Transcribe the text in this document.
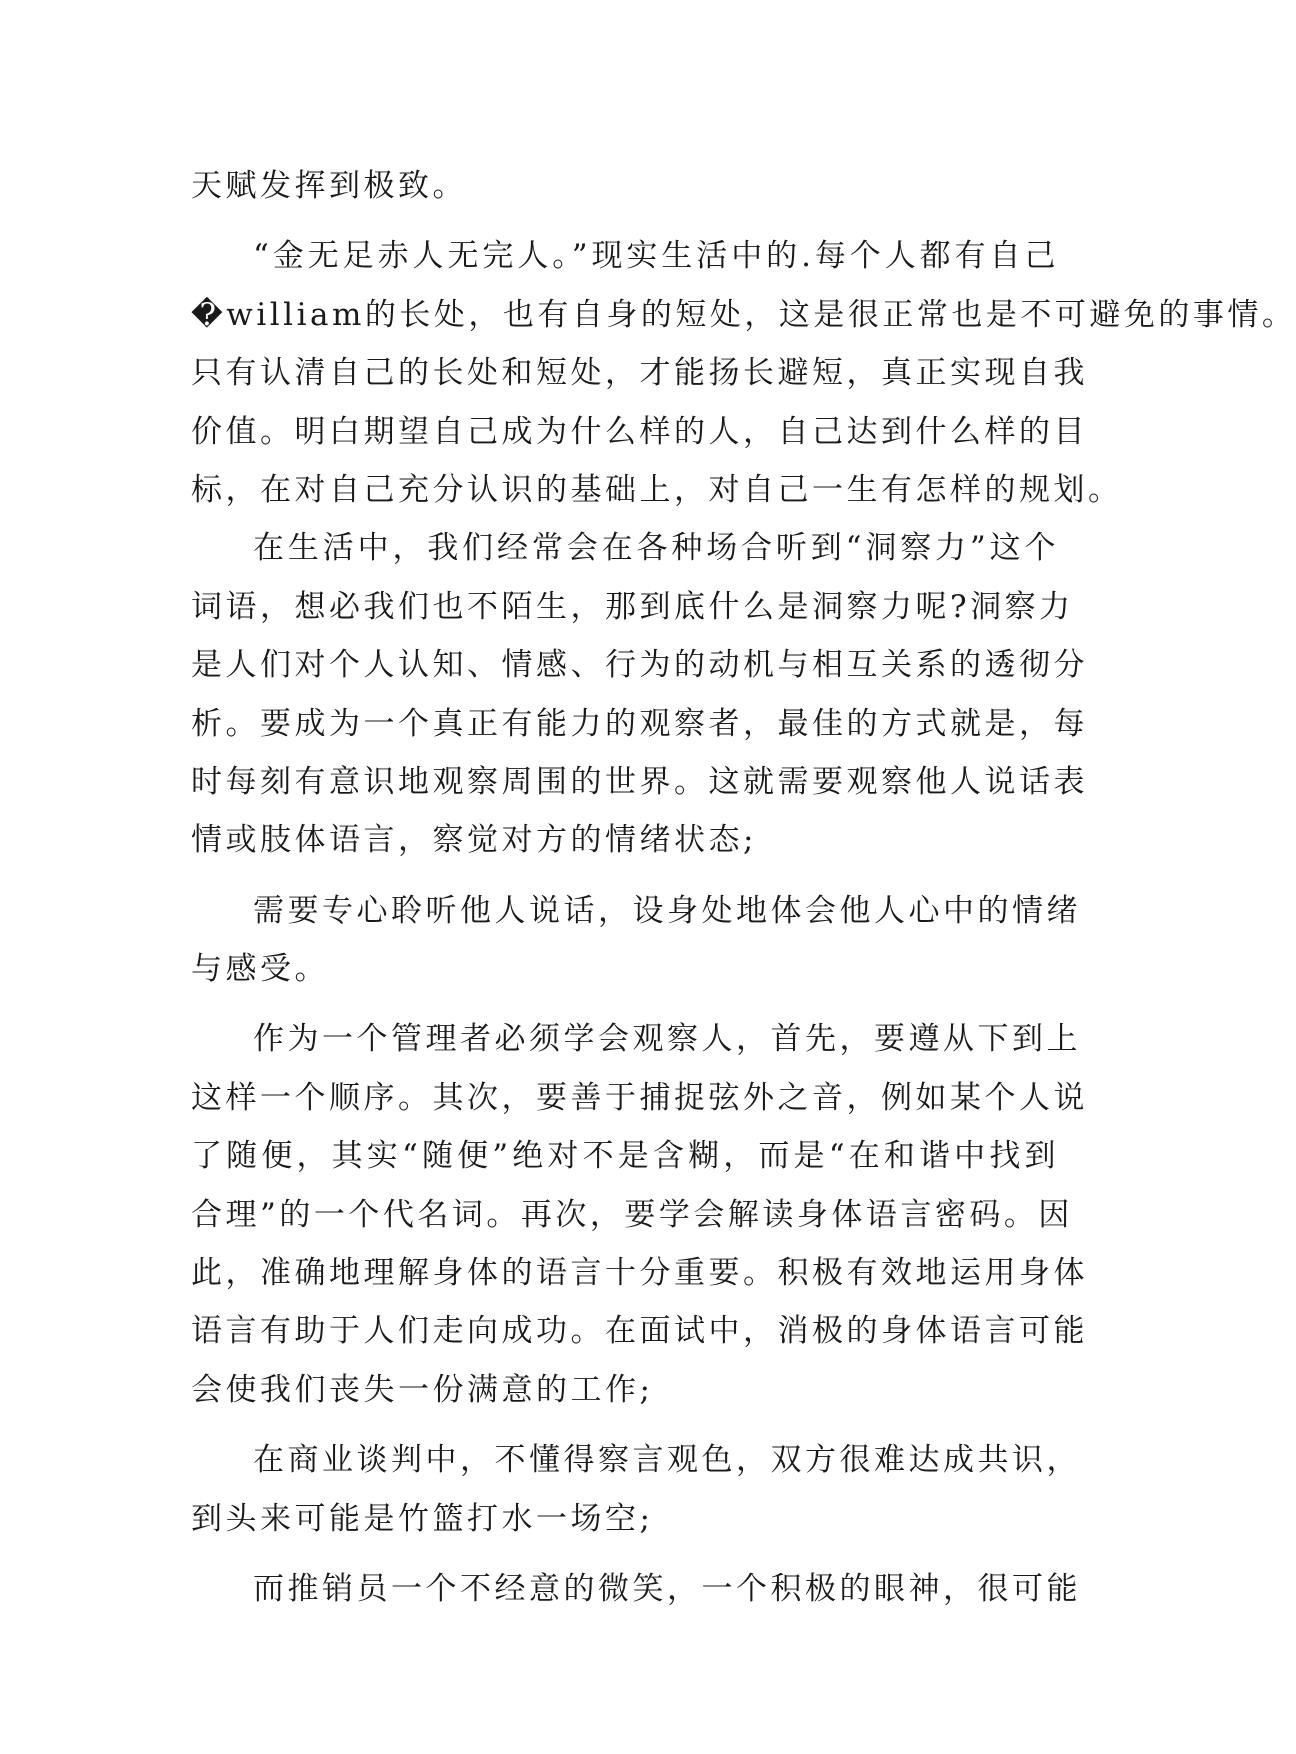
天赋发挥到极致。
“金无足赤人无完人。”现实生活中的.每个人都有自己
�william的长处，也有自身的短处，这是很正常也是不可避免的事情。
只有认清自己的长处和短处，才能扬长避短，真正实现自我
价值。明白期望自己成为什么样的人，自己达到什么样的目
标，在对自己充分认识的基础上，对自己一生有怎样的规划。
在生活中，我们经常会在各种场合听到“洞察力”这个
词语，想必我们也不陌生，那到底什么是洞察力呢?洞察力
是人们对个人认知、情感、行为的动机与相互关系的透彻分
析。要成为一个真正有能力的观察者，最佳的方式就是，每
时每刻有意识地观察周围的世界。这就需要观察他人说话表
情或肢体语言，察觉对方的情绪状态;
需要专心聆听他人说话，设身处地体会他人心中的情绪
与感受。
作为一个管理者必须学会观察人，首先，要遵从下到上
这样一个顺序。其次，要善于捕捉弦外之音，例如某个人说
了随便，其实“随便”绝对不是含糊，而是“在和谐中找到
合理”的一个代名词。再次，要学会解读身体语言密码。因
此，准确地理解身体的语言十分重要。积极有效地运用身体
语言有助于人们走向成功。在面试中，消极的身体语言可能
会使我们丧失一份满意的工作;
在商业谈判中，不懂得察言观色，双方很难达成共识，
到头来可能是竹篮打水一场空;
而推销员一个不经意的微笑，一个积极的眼神，很可能
